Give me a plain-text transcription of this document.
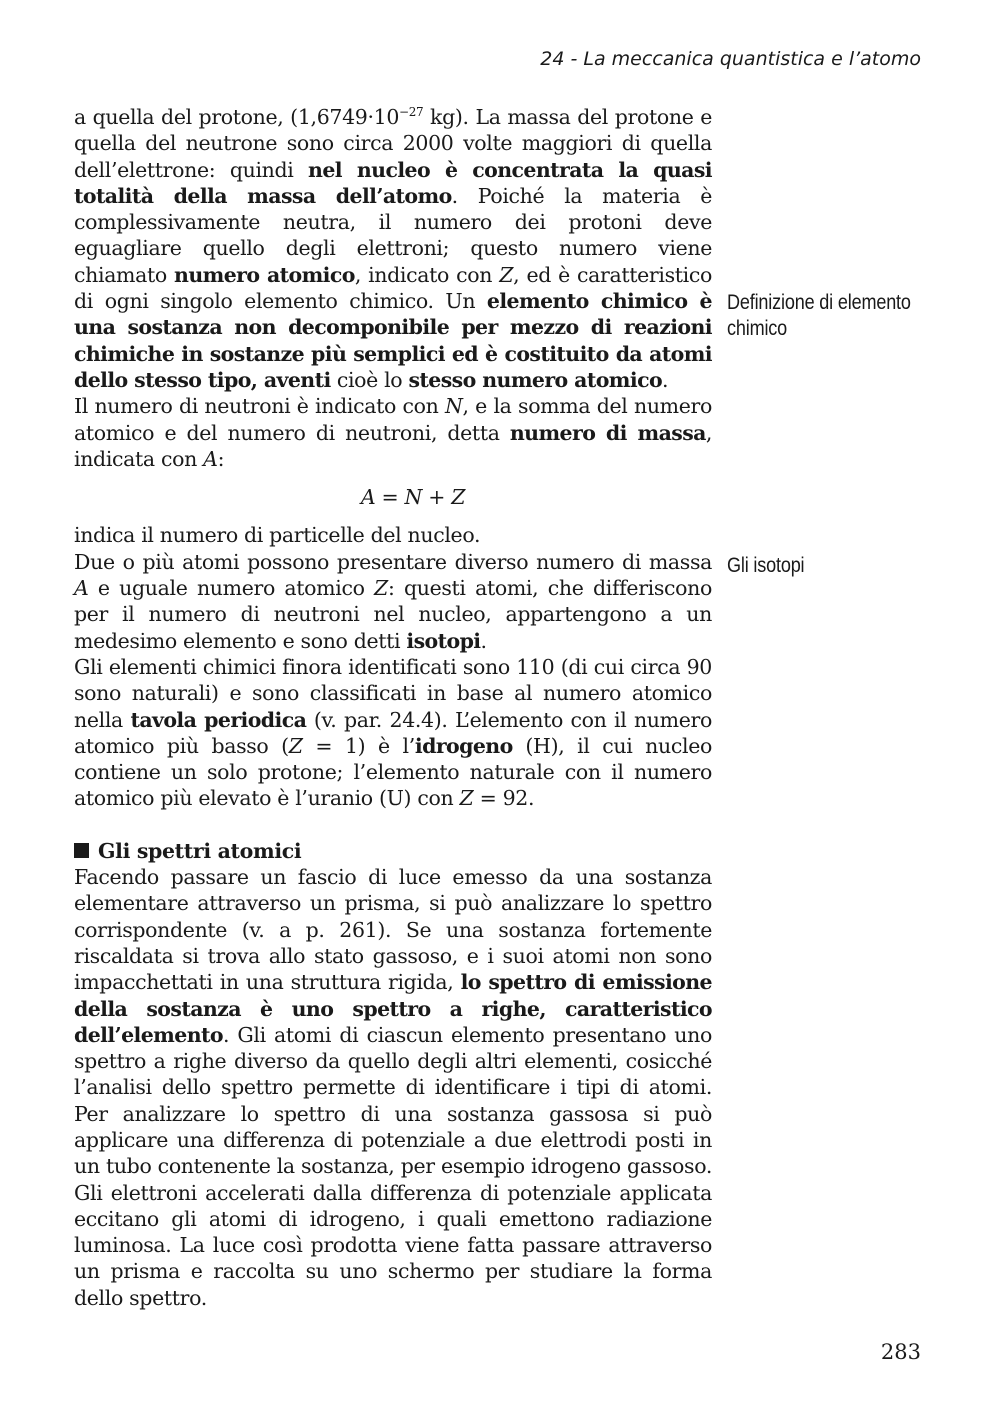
24 - La meccanica quantistica e l’atomo

a quella del protone, ($1,6749\cdot 10^{-27}$ kg). La massa del protone e quella del neutrone sono circa 2000 volte maggiori di quella dell’elettrone: quindi nel nucleo è concentrata la quasi totalità della massa dell’atomo. Poiché la materia è complessivamente neutra, il numero dei protoni deve eguagliare quello degli elettroni; questo numero viene chiamato numero atomico, indicato con Z, ed è caratteristico di ogni singolo elemento chimico. Un elemento chimico è una sostanza non decomponibile per mezzo di reazioni chimiche in sostanze più semplici ed è costituito da atomi dello stesso tipo, aventi cioè lo stesso numero atomico.

Il numero di neutroni è indicato con N, e la somma del numero atomico e del numero di neutroni, detta numero di massa, indicata con A:

A = N + Z

indica il numero di particelle del nucleo.

Due o più atomi possono presentare diverso numero di massa A e uguale numero atomico Z: questi atomi, che differiscono per il numero di neutroni nel nucleo, appartengono a un medesimo elemento e sono detti isotopi.

Gli elementi chimici finora identificati sono 110 (di cui circa 90 sono naturali) e sono classificati in base al numero atomico nella tavola periodica (v. par. 24.4). L’elemento con il numero atomico più basso (Z = 1) è l’idrogeno (H), il cui nucleo contiene un solo protone; l’elemento naturale con il numero atomico più elevato è l’uranio (U) con Z = 92.

Gli spettri atomici

Facendo passare un fascio di luce emesso da una sostanza elementare attraverso un prisma, si può analizzare lo spettro corrispondente (v. a p. 261). Se una sostanza fortemente riscaldata si trova allo stato gassoso, e i suoi atomi non sono impacchettati in una struttura rigida, lo spettro di emissione della sostanza è uno spettro a righe, caratteristico dell’elemento. Gli atomi di ciascun elemento presentano uno spettro a righe diverso da quello degli altri elementi, cosicché l’analisi dello spettro permette di identificare i tipi di atomi. Per analizzare lo spettro di una sostanza gassosa si può applicare una differenza di potenziale a due elettrodi posti in un tubo contenente la sostanza, per esempio idrogeno gassoso. Gli elettroni accelerati dalla differenza di potenziale applicata eccitano gli atomi di idrogeno, i quali emettono radiazione luminosa. La luce così prodotta viene fatta passare attraverso un prisma e raccolta su uno schermo per studiare la forma dello spettro.

Definizione di elemento chimico
Gli isotopi
283
